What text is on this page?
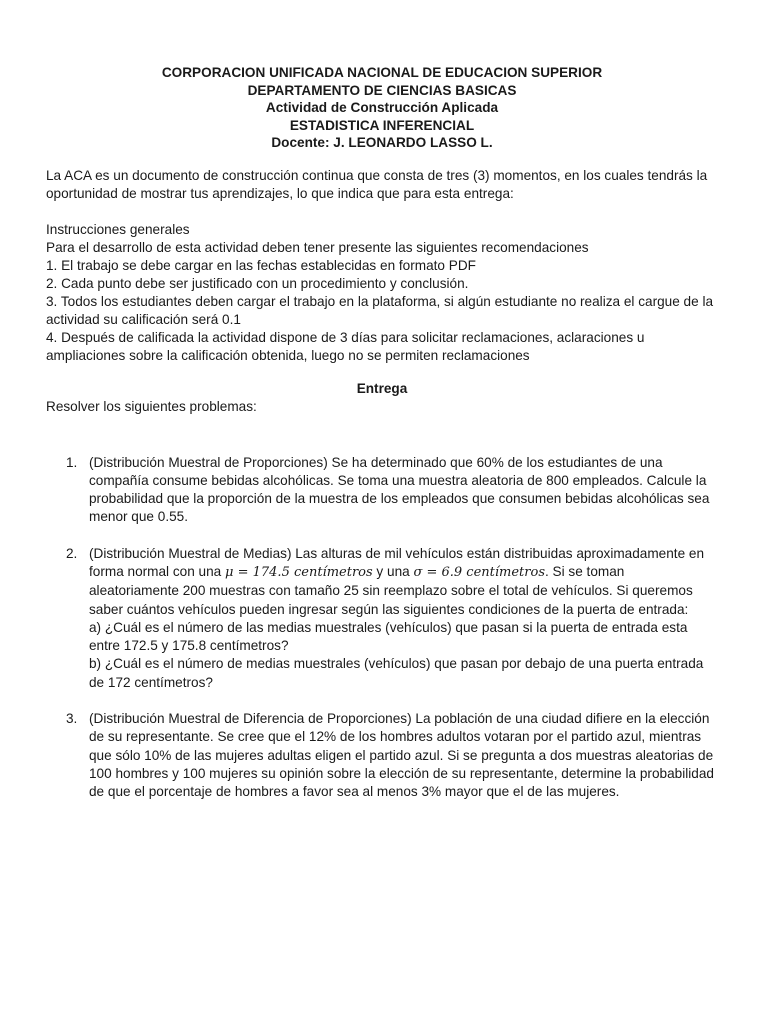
CORPORACION UNIFICADA NACIONAL DE EDUCACION SUPERIOR
DEPARTAMENTO DE CIENCIAS BASICAS
Actividad de Construcción Aplicada
ESTADISTICA INFERENCIAL
Docente: J. LEONARDO LASSO L.
La ACA es un documento de construcción continua que consta de tres (3) momentos, en los cuales tendrás la oportunidad de mostrar tus aprendizajes, lo que indica que para esta entrega:
Instrucciones generales
Para el desarrollo de esta actividad deben tener presente las siguientes recomendaciones
1. El trabajo se debe cargar en las fechas establecidas en formato PDF
2. Cada punto debe ser justificado con un procedimiento y conclusión.
3. Todos los estudiantes deben cargar el trabajo en la plataforma, si algún estudiante no realiza el cargue de la actividad su calificación será 0.1
4. Después de calificada la actividad dispone de 3 días para solicitar reclamaciones, aclaraciones u ampliaciones sobre la calificación obtenida, luego no se permiten reclamaciones
Entrega
Resolver los siguientes problemas:
1. (Distribución Muestral de Proporciones) Se ha determinado que 60% de los estudiantes de una compañía consume bebidas alcohólicas. Se toma una muestra aleatoria de 800 empleados. Calcule la probabilidad que la proporción de la muestra de los empleados que consumen bebidas alcohólicas sea menor que 0.55.
2. (Distribución Muestral de Medias) Las alturas de mil vehículos están distribuidas aproximadamente en forma normal con una μ = 174.5 centímetros y una σ = 6.9 centímetros. Si se toman aleatoriamente 200 muestras con tamaño 25 sin reemplazo sobre el total de vehículos. Si queremos saber cuántos vehículos pueden ingresar según las siguientes condiciones de la puerta de entrada:
a) ¿Cuál es el número de las medias muestrales (vehículos) que pasan si la puerta de entrada esta entre 172.5 y 175.8 centímetros?
b) ¿Cuál es el número de medias muestrales (vehículos) que pasan por debajo de una puerta entrada de 172 centímetros?
3. (Distribución Muestral de Diferencia de Proporciones) La población de una ciudad difiere en la elección de su representante. Se cree que el 12% de los hombres adultos votaran por el partido azul, mientras que sólo 10% de las mujeres adultas eligen el partido azul. Si se pregunta a dos muestras aleatorias de 100 hombres y 100 mujeres su opinión sobre la elección de su representante, determine la probabilidad de que el porcentaje de hombres a favor sea al menos 3% mayor que el de las mujeres.
